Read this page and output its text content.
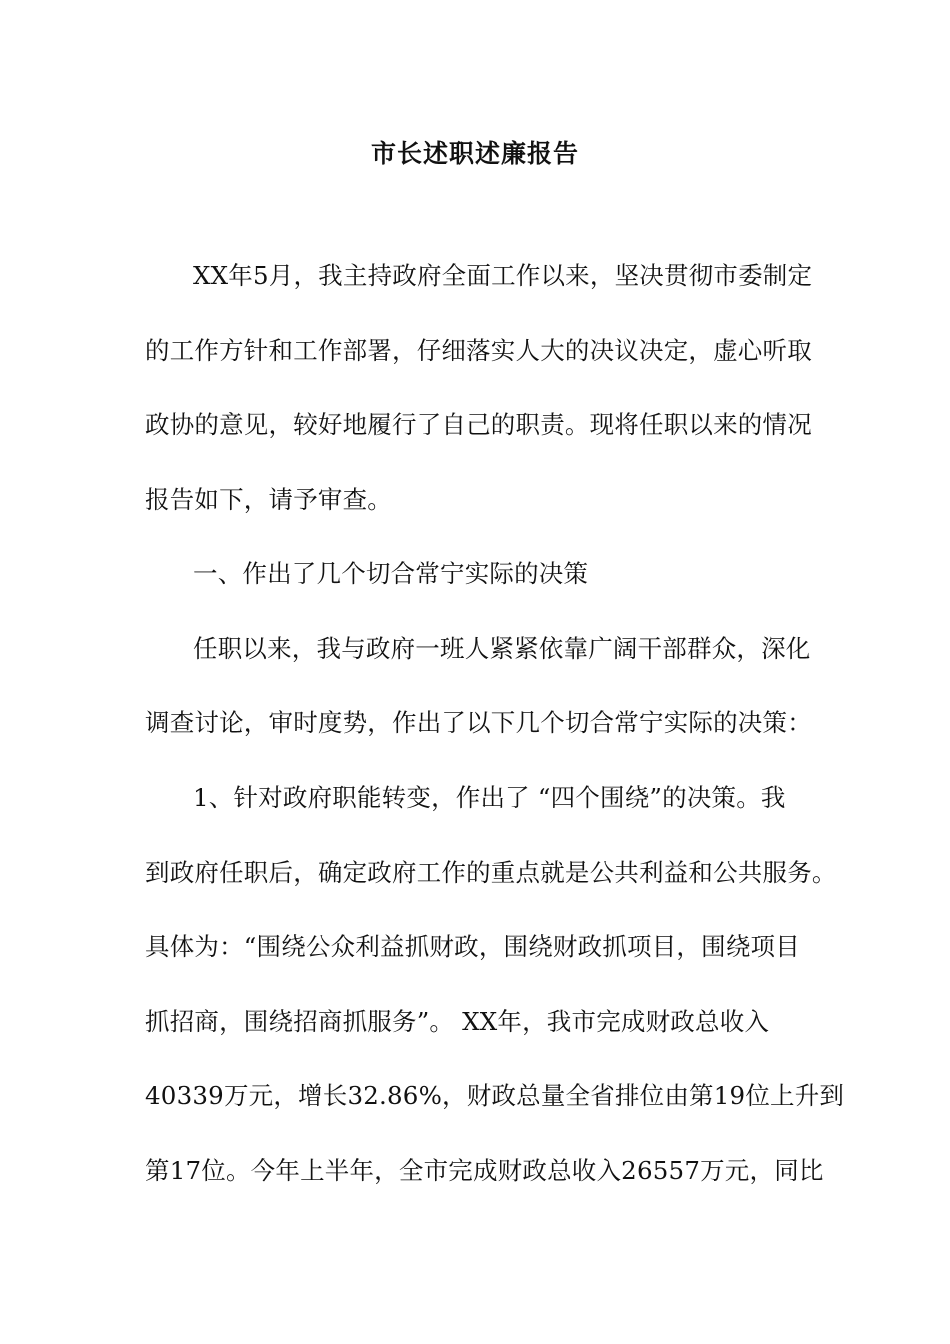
市长述职述廉报告
XX年5月，我主持政府全面工作以来，坚决贯彻市委制定
的工作方针和工作部署，仔细落实人大的决议决定，虚心听取
政协的意见，较好地履行了自己的职责。现将任职以来的情况
报告如下，请予审查。
一、作出了几个切合常宁实际的决策
任职以来，我与政府一班人紧紧依靠广阔干部群众，深化
调查讨论，审时度势，作出了以下几个切合常宁实际的决策：
1、针对政府职能转变，作出了 “四个围绕”的决策。我
到政府任职后，确定政府工作的重点就是公共利益和公共服务。
具体为：“围绕公众利益抓财政，围绕财政抓项目，围绕项目
抓招商，围绕招商抓服务”。 XX年，我市完成财政总收入
40339万元，增长32.86%，财政总量全省排位由第19位上升到
第17位。今年上半年，全市完成财政总收入26557万元，同比
